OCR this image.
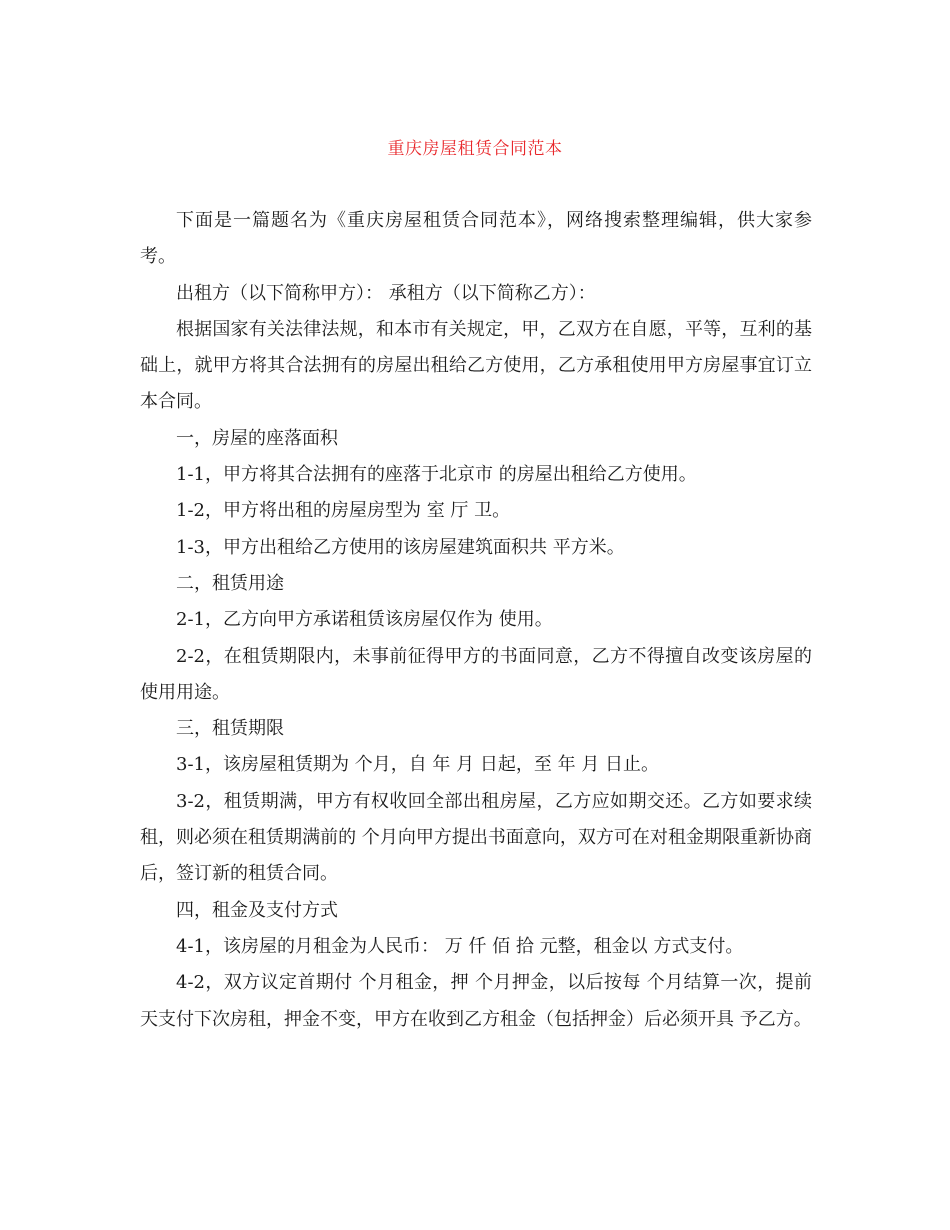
重庆房屋租赁合同范本

下面是一篇题名为《重庆房屋租赁合同范本》，网络搜索整理编辑，供大家参考。

出租方（以下简称甲方）： 承租方（以下简称乙方）：

根据国家有关法律法规，和本市有关规定，甲，乙双方在自愿，平等，互利的基础上，就甲方将其合法拥有的房屋出租给乙方使用，乙方承租使用甲方房屋事宜订立本合同。

一，房屋的座落面积

1-1，甲方将其合法拥有的座落于北京市 的房屋出租给乙方使用。

1-2，甲方将出租的房屋房型为 室 厅 卫。

1-3，甲方出租给乙方使用的该房屋建筑面积共 平方米。

二，租赁用途

2-1，乙方向甲方承诺租赁该房屋仅作为 使用。

2-2，在租赁期限内，未事前征得甲方的书面同意，乙方不得擅自改变该房屋的使用用途。

三，租赁期限

3-1，该房屋租赁期为 个月，自 年 月 日起，至 年 月 日止。

3-2，租赁期满，甲方有权收回全部出租房屋，乙方应如期交还。乙方如要求续租，则必须在租赁期满前的 个月向甲方提出书面意向，双方可在对租金期限重新协商后，签订新的租赁合同。

四，租金及支付方式

4-1，该房屋的月租金为人民币： 万 仟 佰 拾 元整，租金以 方式支付。

4-2，双方议定首期付 个月租金，押 个月押金，以后按每 个月结算一次，提前 天支付下次房租，押金不变，甲方在收到乙方租金（包括押金）后必须开具 予乙方。
